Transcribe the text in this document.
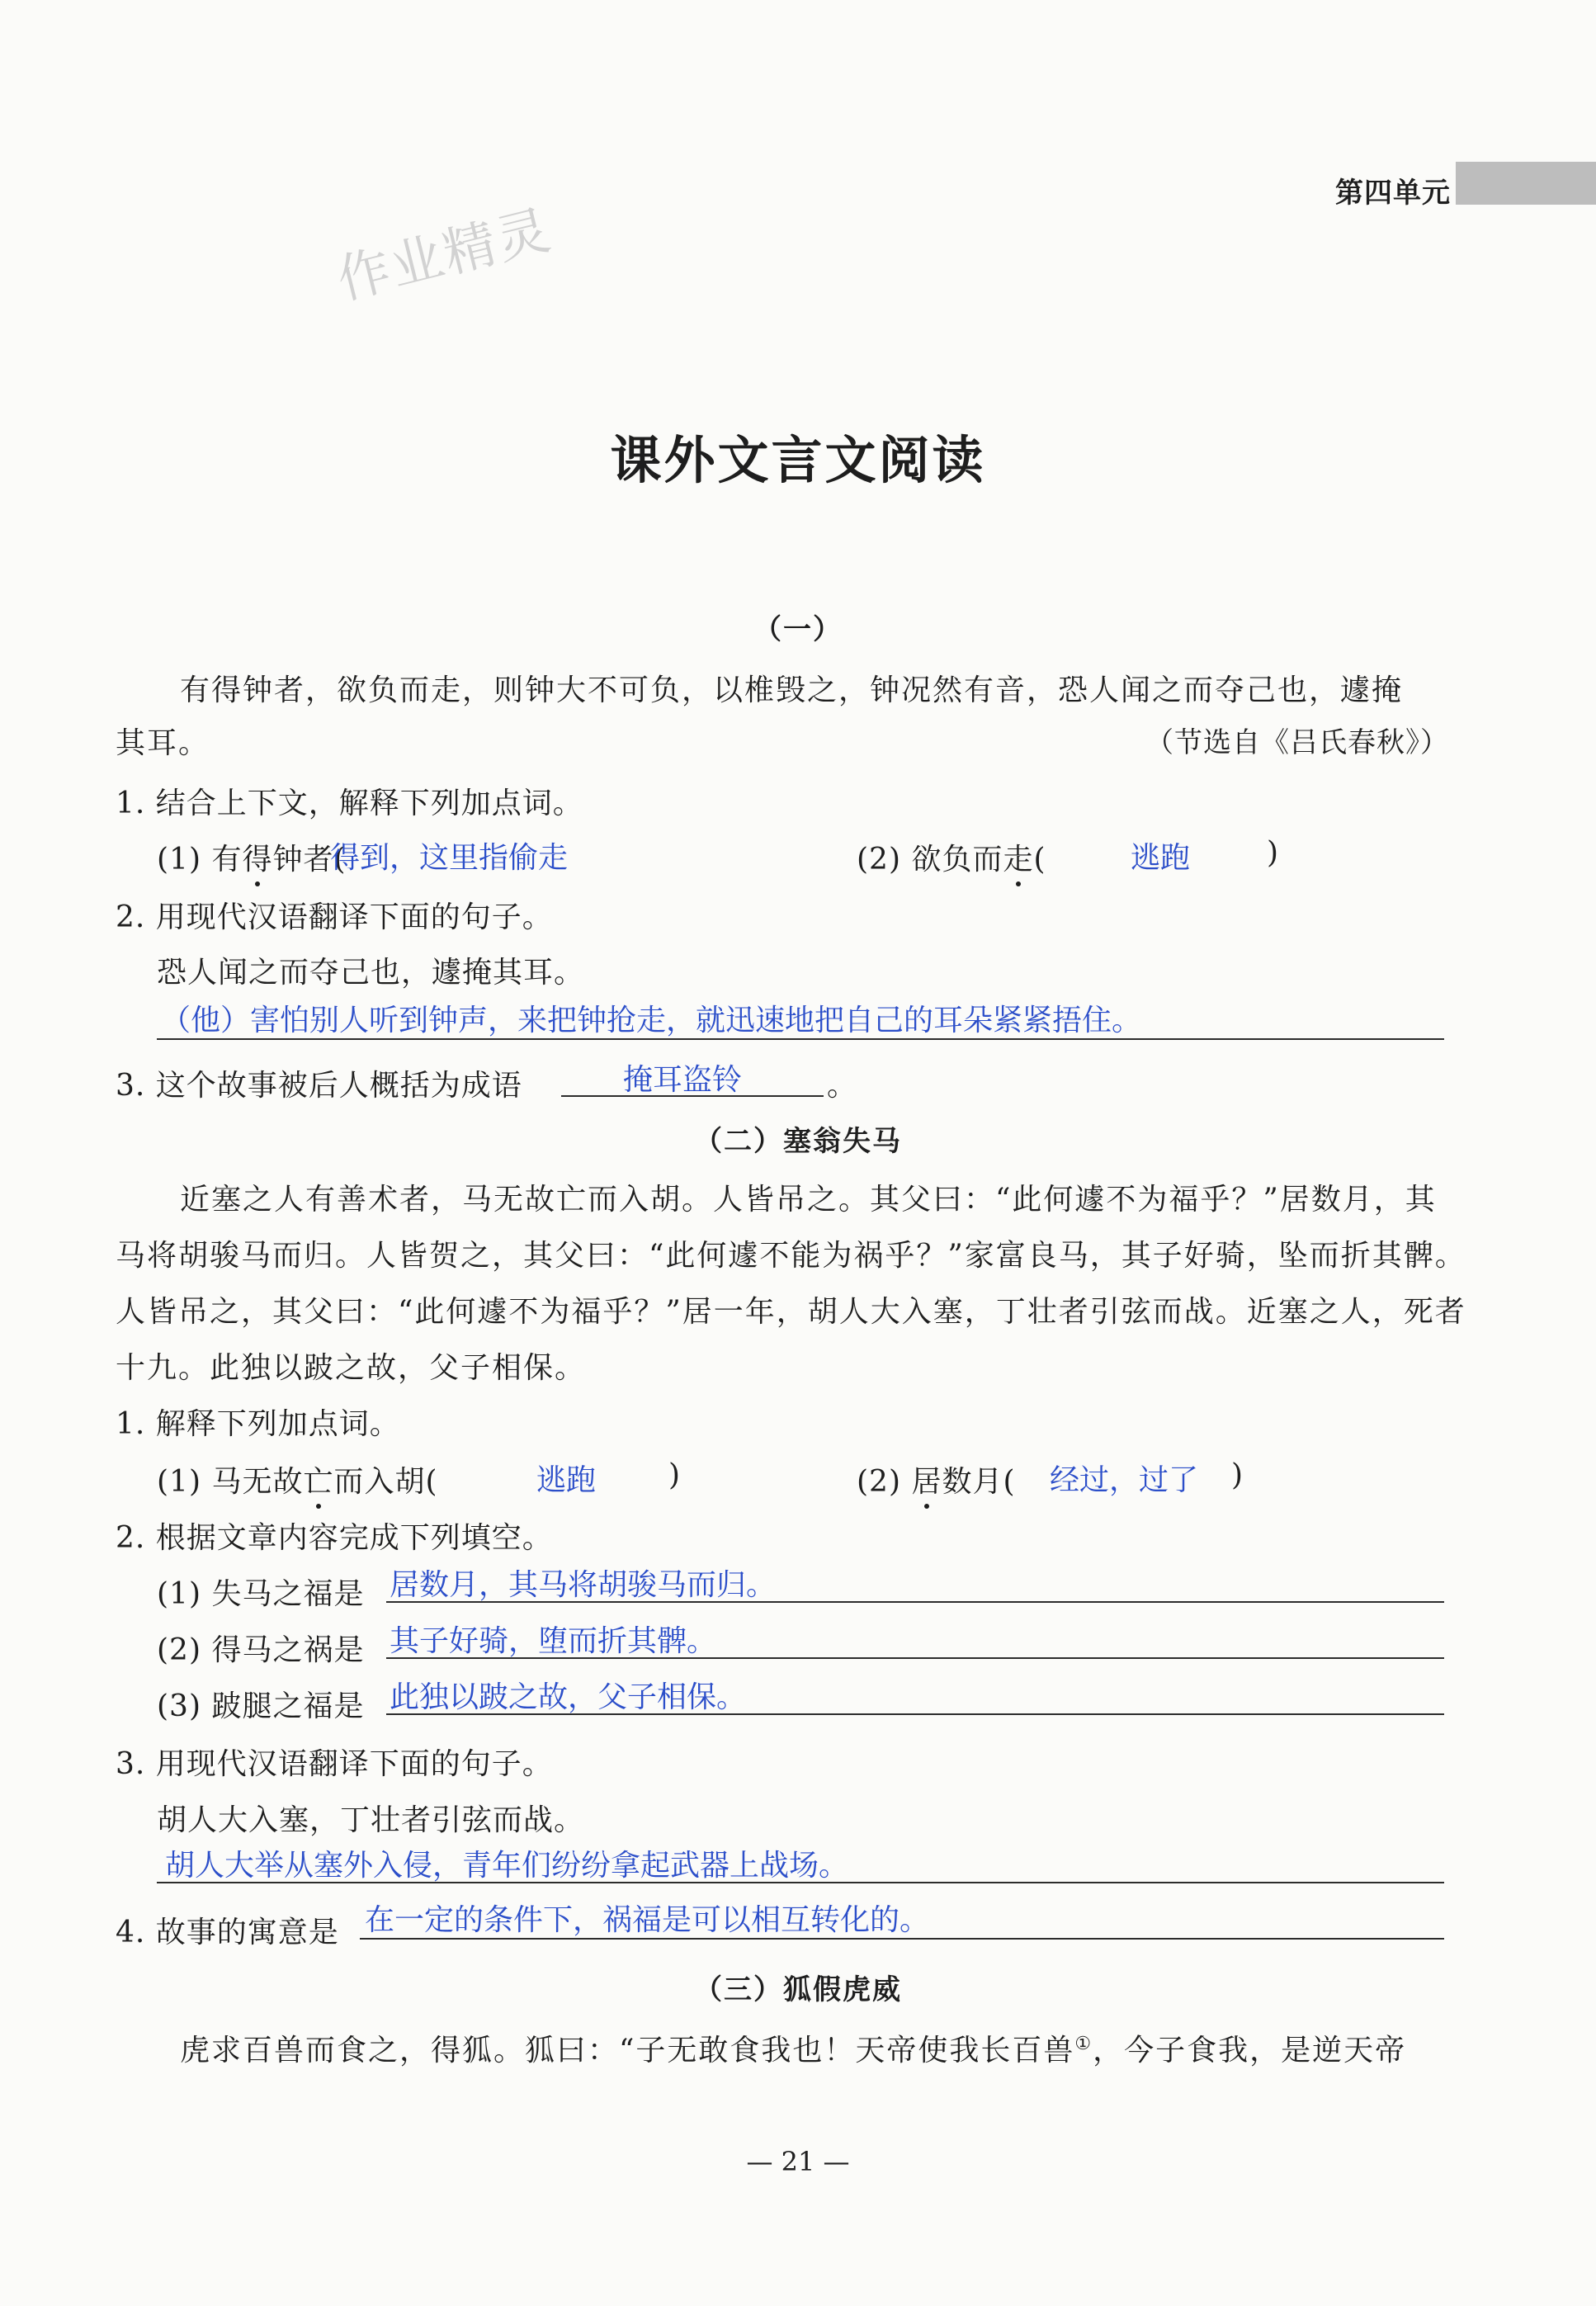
第四单元
作业精灵
课外文言文阅读
（一）
有得钟者，欲负而走，则钟大不可负，以椎毁之，钟况然有音，恐人闻之而夺己也，遽掩
其耳。	（节选自《吕氏春秋》）
1. 结合上下文，解释下列加点词。
(1) 有得钟者(
得到，这里指偷走	(2) 欲负而走(	逃跑	)
2. 用现代汉语翻译下面的句子。
恐人闻之而夺己也，遽掩其耳。
（他）害怕别人听到钟声，来把钟抢走，就迅速地把自己的耳朵紧紧捂住。
3. 这个故事被后人概括为成语	掩耳盗铃	。
（二）塞翁失马
近塞之人有善术者，马无故亡而入胡。人皆吊之。其父曰：“此何遽不为福乎？”居数月，其
马将胡骏马而归。人皆贺之，其父曰：“此何遽不能为祸乎？”家富良马，其子好骑，坠而折其髀。
人皆吊之，其父曰：“此何遽不为福乎？”居一年，胡人大入塞，丁壮者引弦而战。近塞之人，死者
十九。此独以跛之故，父子相保。
1. 解释下列加点词。
(1) 马无故亡而入胡(	逃跑 )	(2) 居数月( 经过，过了 )
2. 根据文章内容完成下列填空。
(1) 失马之福是 居数月，其马将胡骏马而归。
(2) 得马之祸是 其子好骑，堕而折其髀。
(3) 跛腿之福是 此独以跛之故，父子相保。
3. 用现代汉语翻译下面的句子。
胡人大入塞，丁壮者引弦而战。
胡人大举从塞外入侵，青年们纷纷拿起武器上战场。
4. 故事的寓意是 在一定的条件下，祸福是可以相互转化的。
（三）狐假虎威
虎求百兽而食之，得狐。狐曰：“子无敢食我也！天帝使我长百兽①，今子食我，是逆天帝
— 21 —
